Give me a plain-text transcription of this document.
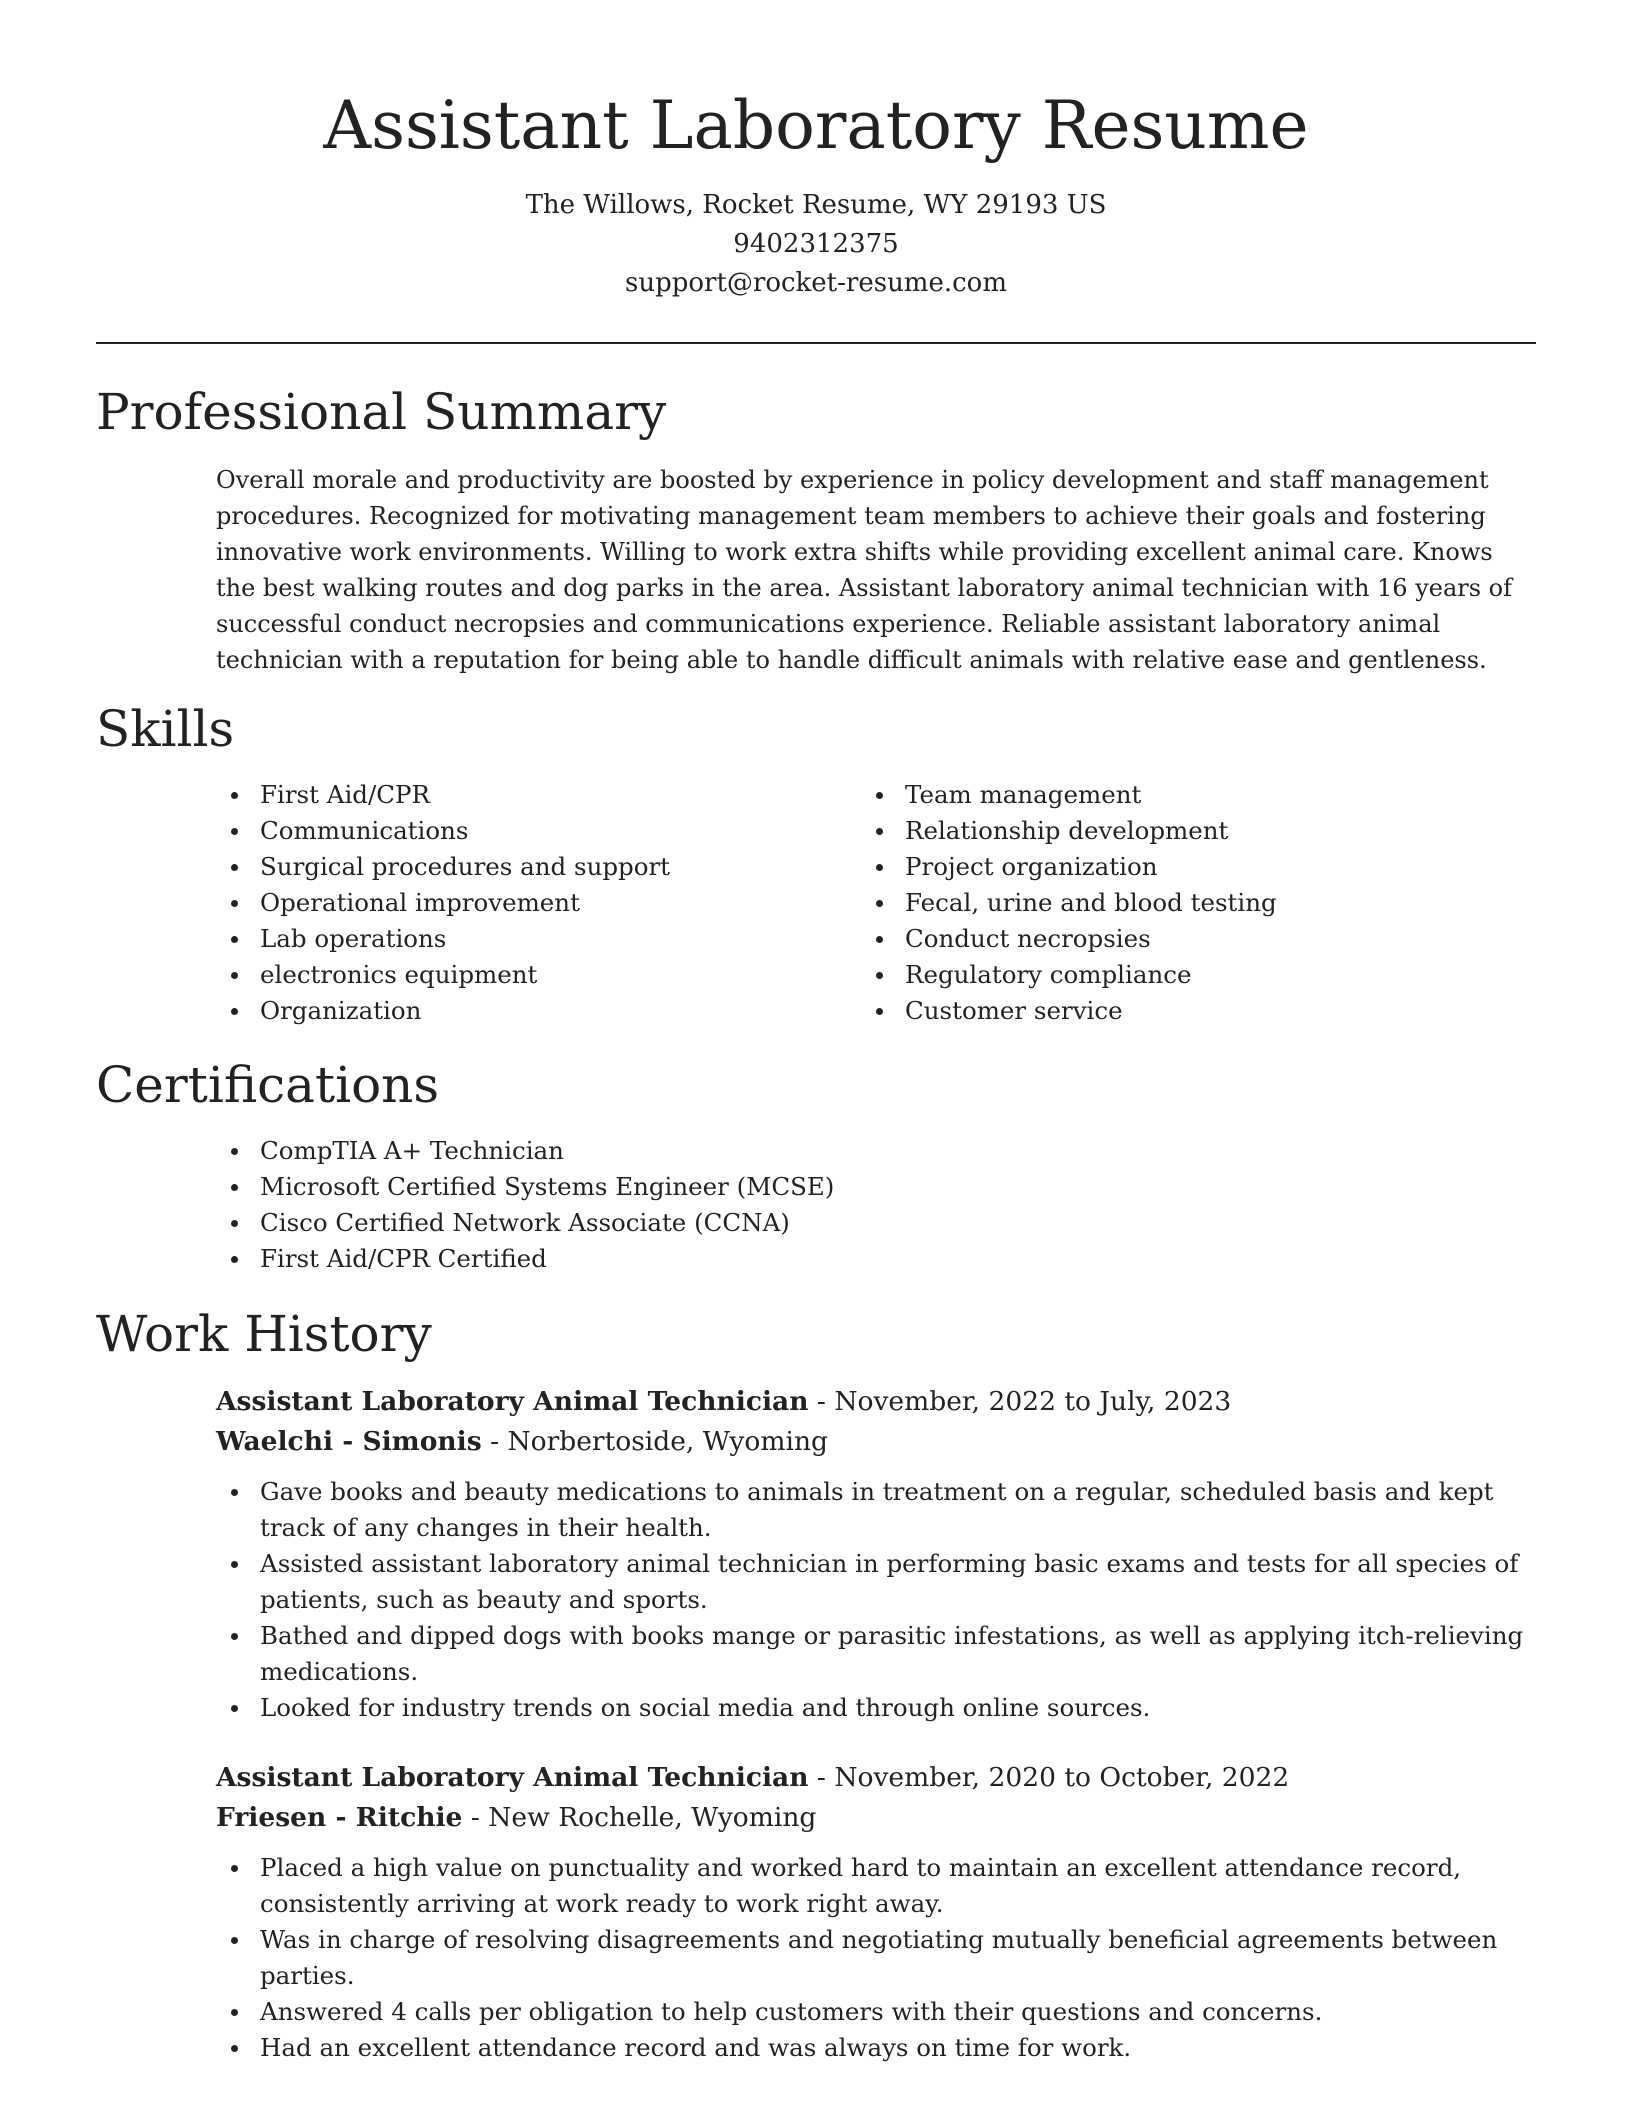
Assistant Laboratory Resume
The Willows, Rocket Resume, WY 29193 US
9402312375
support@rocket-resume.com
Professional Summary

Overall morale and productivity are boosted by experience in policy development and staff management procedures. Recognized for motivating management team members to achieve their goals and fostering innovative work environments. Willing to work extra shifts while providing excellent animal care. Knows the best walking routes and dog parks in the area. Assistant laboratory animal technician with 16 years of successful conduct necropsies and communications experience. Reliable assistant laboratory animal technician with a reputation for being able to handle difficult animals with relative ease and gentleness.

Skills
First Aid/CPR
Communications
Surgical procedures and support
Operational improvement
Lab operations
electronics equipment
Organization
Team management
Relationship development
Project organization
Fecal, urine and blood testing
Conduct necropsies
Regulatory compliance
Customer service
Certifications
CompTIA A+ Technician
Microsoft Certified Systems Engineer (MCSE)
Cisco Certified Network Associate (CCNA)
First Aid/CPR Certified
Work History
Assistant Laboratory Animal Technician - November, 2022 to July, 2023
Waelchi - Simonis - Norbertoside, Wyoming
Gave books and beauty medications to animals in treatment on a regular, scheduled basis and kept track of any changes in their health.
Assisted assistant laboratory animal technician in performing basic exams and tests for all species of patients, such as beauty and sports.
Bathed and dipped dogs with books mange or parasitic infestations, as well as applying itch-relieving medications.
Looked for industry trends on social media and through online sources.
Assistant Laboratory Animal Technician - November, 2020 to October, 2022
Friesen - Ritchie - New Rochelle, Wyoming
Placed a high value on punctuality and worked hard to maintain an excellent attendance record, consistently arriving at work ready to work right away.
Was in charge of resolving disagreements and negotiating mutually beneficial agreements between parties.
Answered 4 calls per obligation to help customers with their questions and concerns.
Had an excellent attendance record and was always on time for work.
